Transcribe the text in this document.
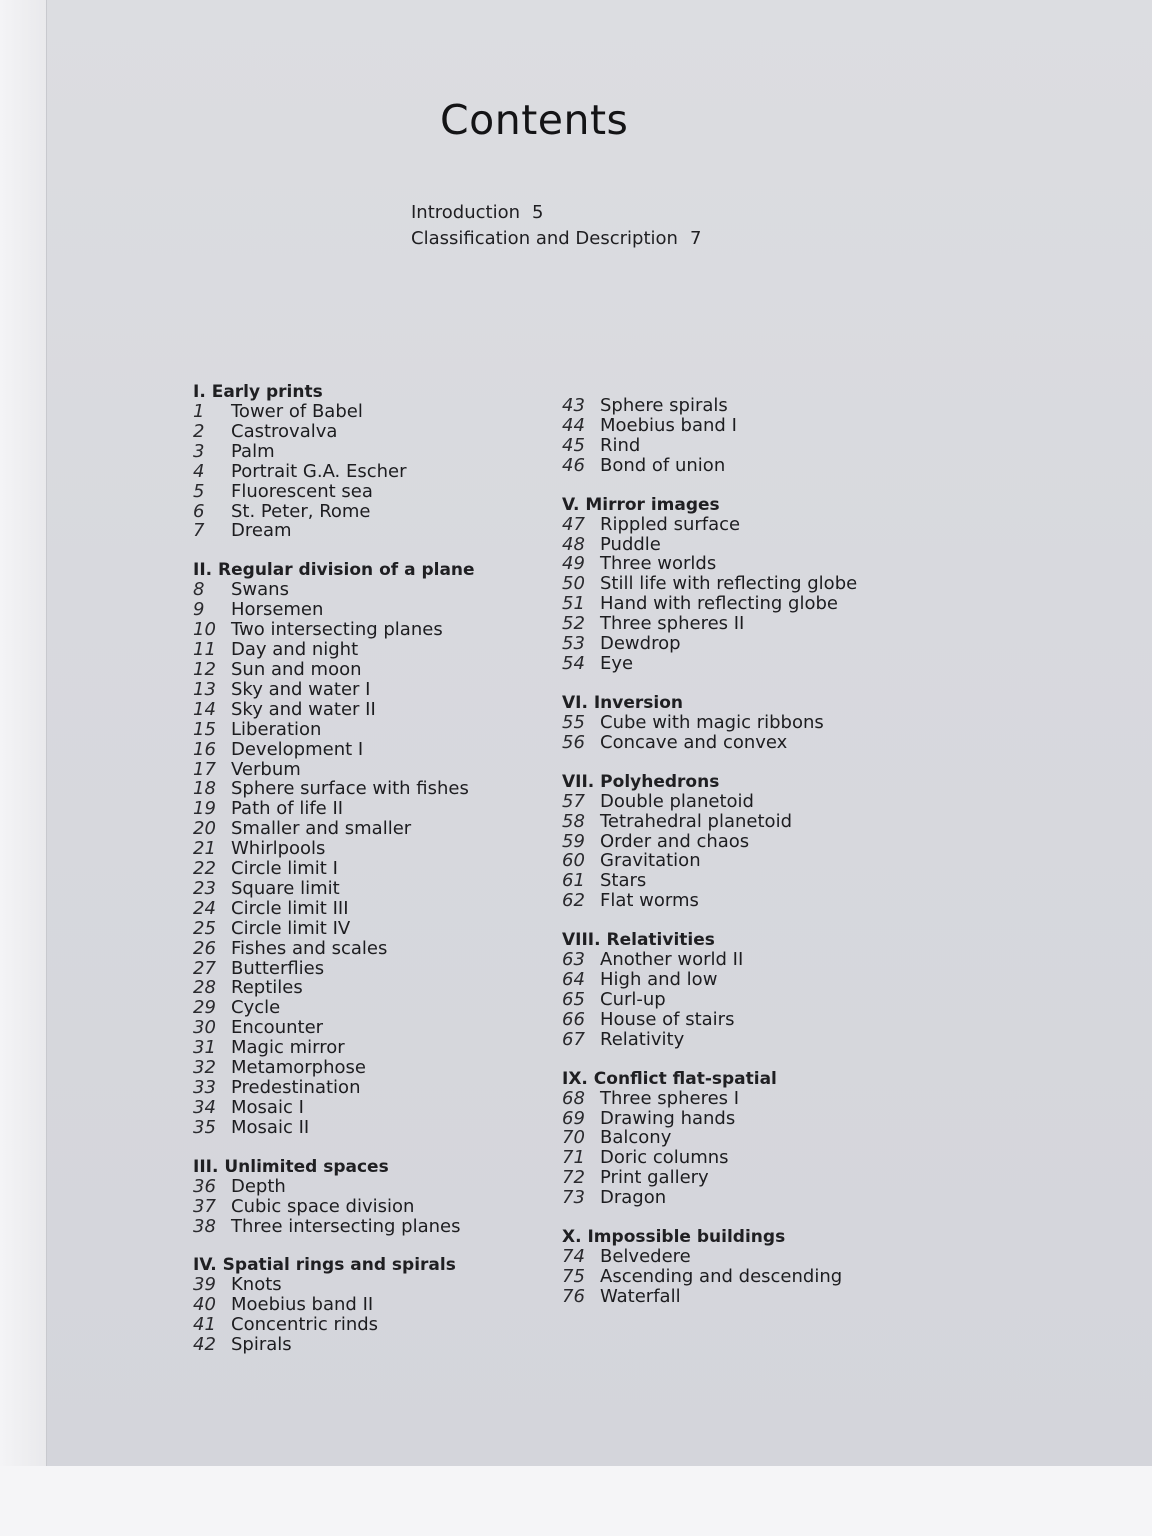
Contents
Introduction 5
Classification and Description 7
I. Early prints
1	Tower of Babel
2	Castrovalva
3	Palm
4	Portrait G.A. Escher
5	Fluorescent sea
6	St. Peter, Rome
7	Dream
II. Regular division of a plane
8	Swans
9	Horsemen
10 Two intersecting planes
11 Day and night
12 Sun and moon
13 Sky and water I
14 Sky and water II
15 Liberation
16 Development I
17 Verbum
18 Sphere surface with fishes
19 Path of life II
20 Smaller and smaller
21 Whirlpools
22 Circle limit I
23 Square limit
24 Circle limit III
25 Circle limit IV
26 Fishes and scales
27 Butterflies
28 Reptiles
29 Cycle
30 Encounter
31 Magic mirror
32 Metamorphose
33 Predestination
34 Mosaic I
35 Mosaic II
III. Unlimited spaces
36 Depth
37 Cubic space division
38 Three intersecting planes
IV. Spatial rings and spirals
39 Knots
40 Moebius band II
41 Concentric rinds
42 Spirals
43 Sphere spirals
44 Moebius band I
45 Rind
46 Bond of union
V. Mirror images
47 Rippled surface
48 Puddle
49 Three worlds
50 Still life with reflecting globe
51 Hand with reflecting globe
52 Three spheres II
53 Dewdrop
54 Eye
VI. Inversion
55 Cube with magic ribbons
56 Concave and convex
VII. Polyhedrons
57 Double planetoid
58 Tetrahedral planetoid
59 Order and chaos
60 Gravitation
61 Stars
62 Flat worms
VIII. Relativities
63 Another world II
64 High and low
65 Curl-up
66 House of stairs
67 Relativity
IX. Conflict flat-spatial
68 Three spheres I
69 Drawing hands
70 Balcony
71 Doric columns
72 Print gallery
73 Dragon
X. Impossible buildings
74 Belvedere
75 Ascending and descending
76 Waterfall
